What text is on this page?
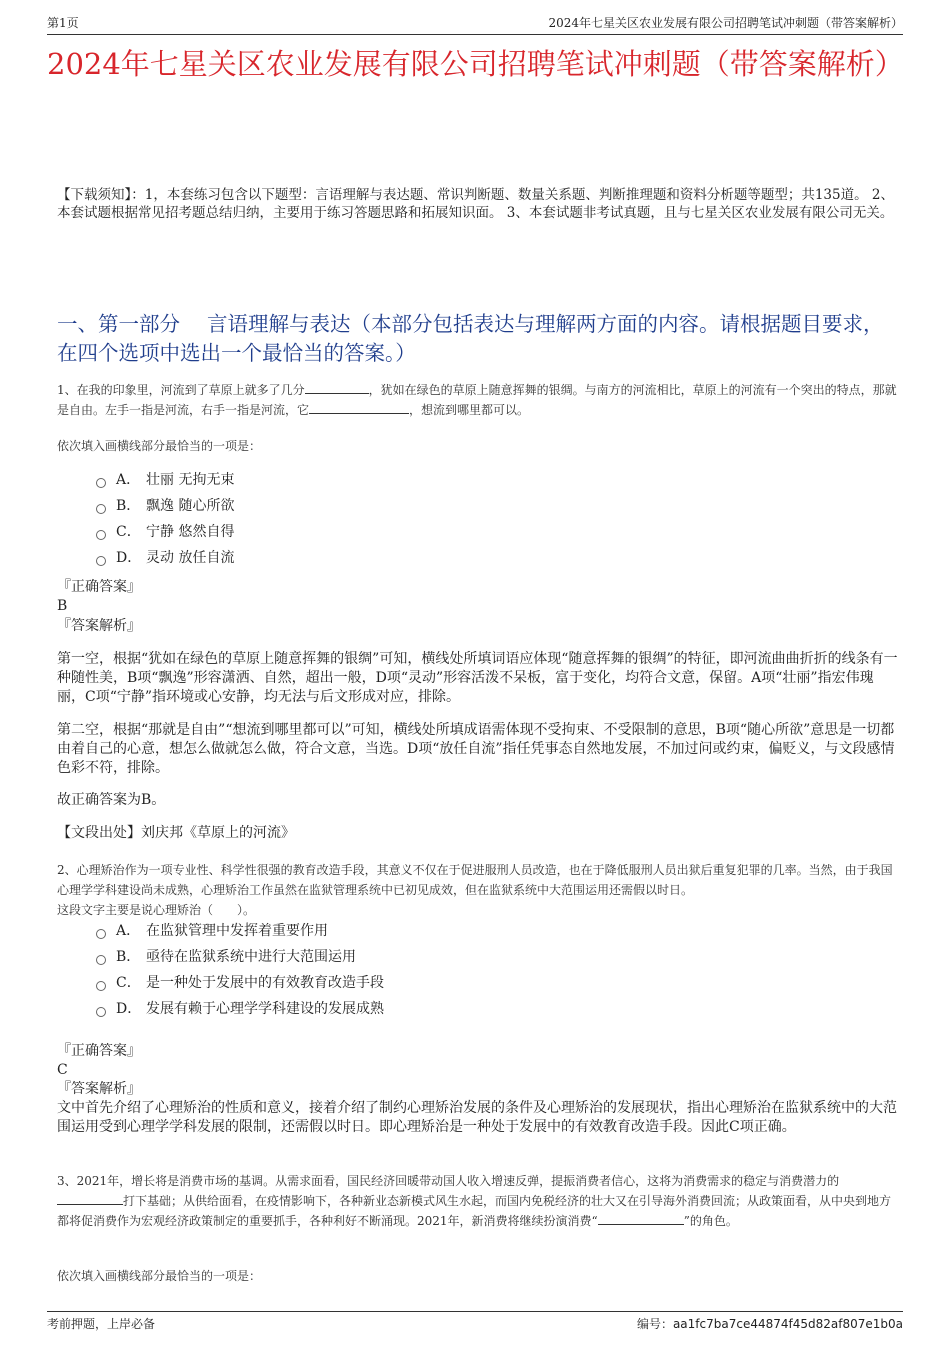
第1页	2024年七星关区农业发展有限公司招聘笔试冲刺题（带答案解析）
2024年七星关区农业发展有限公司招聘笔试冲刺题（带答案解析）
【下载须知】：1，本套练习包含以下题型：言语理解与表达题、常识判断题、数量关系题、判断推理题和资料分析题等题型；共135道。 2、本套试题根据常见招考题总结归纳，主要用于练习答题思路和拓展知识面。 3、本套试题非考试真题，且与七星关区农业发展有限公司无关。
一、第一部分　 言语理解与表达（本部分包括表达与理解两方面的内容。请根据题目要求，在四个选项中选出一个最恰当的答案。）
1、在我的印象里，河流到了草原上就多了几分	，犹如在绿色的草原上随意挥舞的银绸。与南方的河流相比，草原上的河流有一个突出的特点，那就是自由。左手一指是河流，右手一指是河流，它	，想流到哪里都可以。
依次填入画横线部分最恰当的一项是：
A． 壮丽 无拘无束
B． 飘逸 随心所欲
C． 宁静 悠然自得
D． 灵动 放任自流
『正确答案』
B
『答案解析』
第一空，根据“犹如在绿色的草原上随意挥舞的银绸”可知，横线处所填词语应体现“随意挥舞的银绸”的特征，即河流曲曲折折的线条有一种随性美，B项“飘逸”形容潇洒、自然，超出一般，D项“灵动”形容活泼不呆板，富于变化，均符合文意，保留。A项“壮丽”指宏伟瑰丽，C项“宁静”指环境或心安静，均无法与后文形成对应，排除。
第二空，根据“那就是自由”“想流到哪里都可以”可知，横线处所填成语需体现不受拘束、不受限制的意思，B项“随心所欲”意思是一切都由着自己的心意，想怎么做就怎么做，符合文意，当选。D项“放任自流”指任凭事态自然地发展，不加过问或约束，偏贬义，与文段感情色彩不符，排除。
故正确答案为B。
【文段出处】刘庆邦《草原上的河流》
2、心理矫治作为一项专业性、科学性很强的教育改造手段，其意义不仅在于促进服刑人员改造，也在于降低服刑人员出狱后重复犯罪的几率。当然，由于我国心理学学科建设尚未成熟，心理矫治工作虽然在监狱管理系统中已初见成效，但在监狱系统中大范围运用还需假以时日。
这段文字主要是说心理矫治（　　）。
A． 在监狱管理中发挥着重要作用
B． 亟待在监狱系统中进行大范围运用
C． 是一种处于发展中的有效教育改造手段
D． 发展有赖于心理学学科建设的发展成熟
『正确答案』
C
『答案解析』
文中首先介绍了心理矫治的性质和意义，接着介绍了制约心理矫治发展的条件及心理矫治的发展现状，指出心理矫治在监狱系统中的大范围运用受到心理学学科发展的限制，还需假以时日。即心理矫治是一种处于发展中的有效教育改造手段。因此C项正确。
3、2021年，增长将是消费市场的基调。从需求面看，国民经济回暖带动国人收入增速反弹，提振消费者信心，这将为消费需求的稳定与消费潜力的打下基础；从供给面看，在疫情影响下，各种新业态新模式风生水起，而国内免税经济的壮大又在引导海外消费回流；从政策面看，从中央到地方都将促消费作为宏观经济政策制定的重要抓手，各种利好不断涌现。2021年，新消费将继续扮演消费“	”的角色。
依次填入画横线部分最恰当的一项是：
考前押题，上岸必备	编号：aa1fc7ba7ce44874f45d82af807e1b0a
